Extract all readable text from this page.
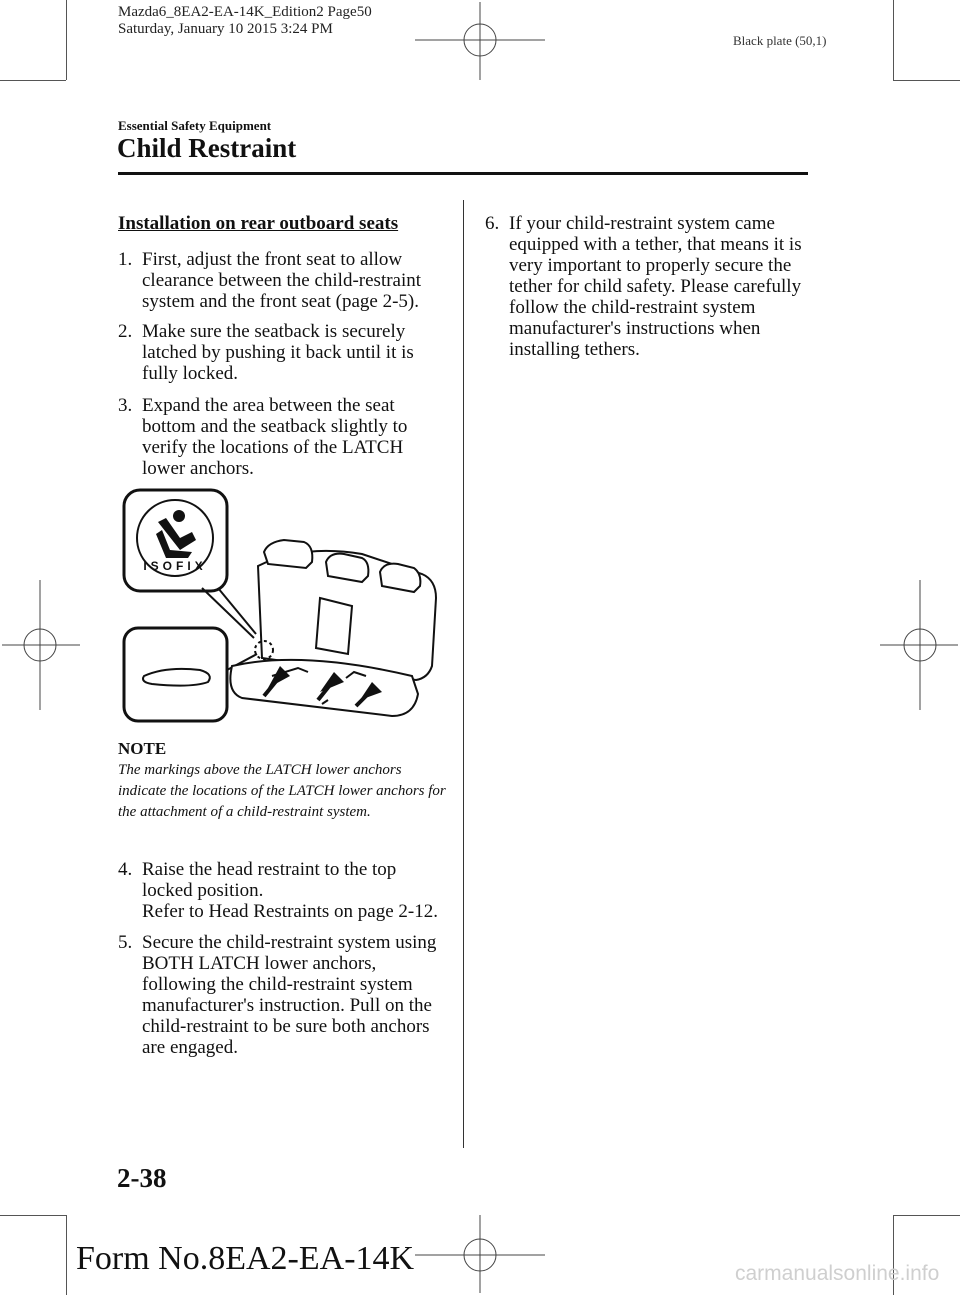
Mazda6_8EA2-EA-14K_Edition2 Page50
Saturday, January 10 2015 3:24 PM
Black plate (50,1)
Essential Safety Equipment
Child Restraint
Installation on rear outboard seats
1. First, adjust the front seat to allow clearance between the child-restraint system and the front seat (page 2-5).
2. Make sure the seatback is securely latched by pushing it back until it is fully locked.
3. Expand the area between the seat bottom and the seatback slightly to verify the locations of the LATCH lower anchors.
ISOFIX
NOTE
The markings above the LATCH lower anchors indicate the locations of the LATCH lower anchors for the attachment of a child-restraint system.
4. Raise the head restraint to the top locked position.
Refer to Head Restraints on page 2-12.
5. Secure the child-restraint system using BOTH LATCH lower anchors, following the child-restraint system manufacturer's instruction. Pull on the child-restraint to be sure both anchors are engaged.
6. If your child-restraint system came equipped with a tether, that means it is very important to properly secure the tether for child safety. Please carefully follow the child-restraint system manufacturer's instructions when installing tethers.
2-38
Form No.8EA2-EA-14K	carmanualsonline.info
